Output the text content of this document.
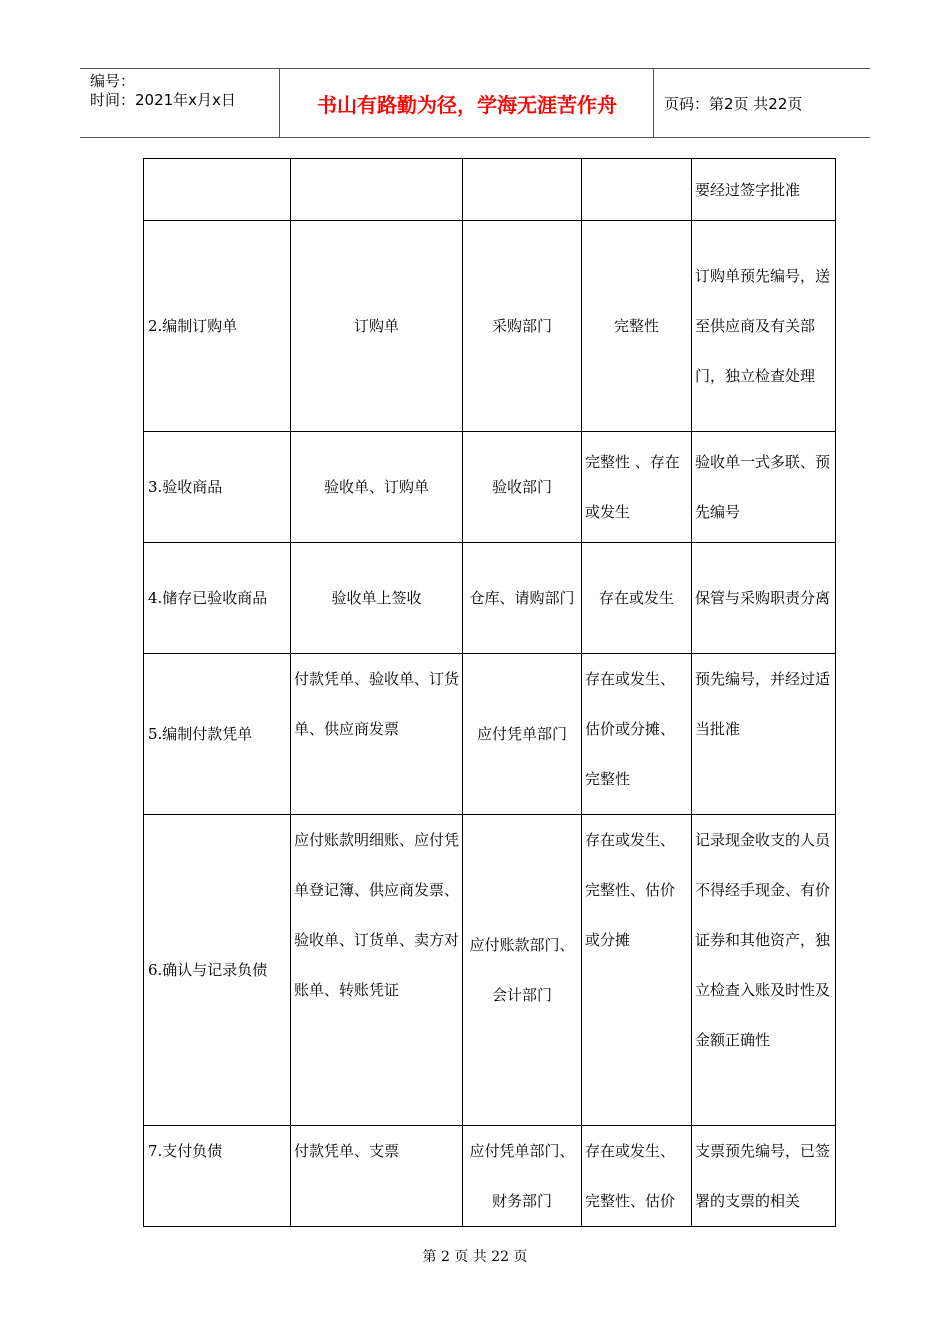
编号：
时间：2021年x月x日	书山有路勤为径，学海无涯苦作舟	页码：第2页 共22页
				要经过签字批准
2.编制订购单	订购单	采购部门	完整性	订购单预先编号，送至供应商及有关部门，独立检查处理
3.验收商品	验收单、订购单	验收部门	完整性 、存在或发生	验收单一式多联、预先编号
4.储存已验收商品	验收单上签收	仓库、请购部门	存在或发生	保管与采购职责分离
5.编制付款凭单	付款凭单、验收单、订货单、供应商发票	应付凭单部门	存在或发生、估价或分摊、完整性	预先编号，并经过适当批准
6.确认与记录负债	应付账款明细账、应付凭单登记簿、供应商发票、验收单、订货单、卖方对账单、转账凭证	应付账款部门、会计部门	存在或发生、完整性、估价或分摊	记录现金收支的人员不得经手现金、有价证券和其他资产，独立检查入账及时性及金额正确性
7.支付负债	付款凭单、支票	应付凭单部门、财务部门	存在或发生、完整性、估价	支票预先编号，已签署的支票的相关
第 2 页 共 22 页
